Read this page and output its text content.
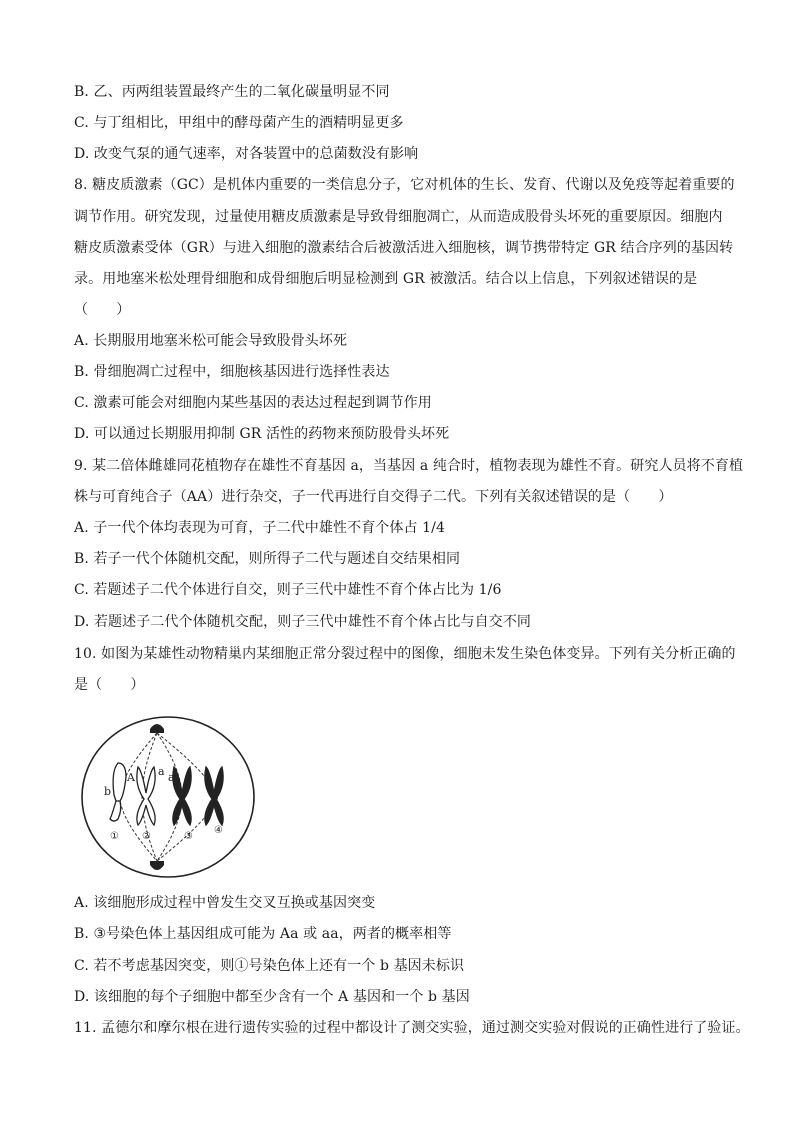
B. 乙、丙两组装置最终产生的二氧化碳量明显不同
C. 与丁组相比，甲组中的酵母菌产生的酒精明显更多
D. 改变气泵的通气速率，对各装置中的总菌数没有影响
8. 糖皮质激素（GC）是机体内重要的一类信息分子，它对机体的生长、发育、代谢以及免疫等起着重要的
调节作用。研究发现，过量使用糖皮质激素是导致骨细胞凋亡，从而造成股骨头坏死的重要原因。细胞内
糖皮质激素受体（GR）与进入细胞的激素结合后被激活进入细胞核，调节携带特定 GR 结合序列的基因转
录。用地塞米松处理骨细胞和成骨细胞后明显检测到 GR 被激活。结合以上信息，下列叙述错误的是
（　　）
A. 长期服用地塞米松可能会导致股骨头坏死
B. 骨细胞凋亡过程中，细胞核基因进行选择性表达
C. 激素可能会对细胞内某些基因的表达过程起到调节作用
D. 可以通过长期服用抑制 GR 活性的药物来预防股骨头坏死
9. 某二倍体雌雄同花植物存在雄性不育基因 a，当基因 a 纯合时，植物表现为雄性不育。研究人员将不育植
株与可育纯合子（AA）进行杂交，子一代再进行自交得子二代。下列有关叙述错误的是（　　）
A. 子一代个体均表现为可育，子二代中雄性不育个体占 1/4
B. 若子一代个体随机交配，则所得子二代与题述自交结果相同
C. 若题述子二代个体进行自交，则子三代中雄性不育个体占比为 1/6
D. 若题述子二代个体随机交配，则子三代中雄性不育个体占比与自交不同
10. 如图为某雄性动物精巢内某细胞正常分裂过程中的图像，细胞未发生染色体变异。下列有关分析正确的
是（　　）
b
A a a
① ②	③
④
A. 该细胞形成过程中曾发生交叉互换或基因突变
B. ③号染色体上基因组成可能为 Aa 或 aa，两者的概率相等
C. 若不考虑基因突变，则①号染色体上还有一个 b 基因未标识
D. 该细胞的每个子细胞中都至少含有一个 A 基因和一个 b 基因
11. 孟德尔和摩尔根在进行遗传实验的过程中都设计了测交实验，通过测交实验对假说的正确性进行了验证。
